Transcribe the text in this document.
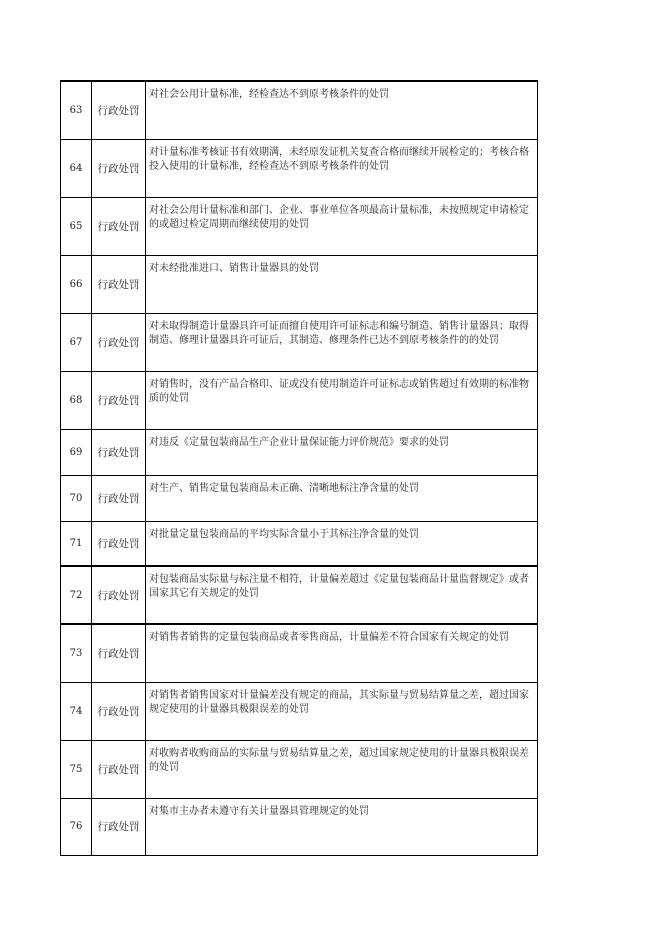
63	行政处罚	对社会公用计量标准，经检查达不到原考核条件的处罚
64	行政处罚	对计量标准考核证书有效期满，未经原发证机关复查合格而继续开展检定的；考核合格投入使用的计量标准，经检查达不到原考核条件的处罚
65	行政处罚	对社会公用计量标准和部门、企业、事业单位各项最高计量标准，未按照规定申请检定的或超过检定周期而继续使用的处罚
66	行政处罚	对未经批准进口、销售计量器具的处罚
67	行政处罚	对未取得制造计量器具许可证而擅自使用许可证标志和编号制造、销售计量器具；取得制造、修理计量器具许可证后，其制造、修理条件已达不到原考核条件的的处罚
68	行政处罚	对销售时，没有产品合格印、证或没有使用制造许可证标志或销售超过有效期的标准物质的处罚
69	行政处罚	对违反《定量包装商品生产企业计量保证能力评价规范》要求的处罚
70	行政处罚	对生产、销售定量包装商品未正确、清晰地标注净含量的处罚
71	行政处罚	对批量定量包装商品的平均实际含量小于其标注净含量的处罚
72	行政处罚	对包装商品实际量与标注量不相符，计量偏差超过《定量包装商品计量监督规定》或者国家其它有关规定的处罚
73	行政处罚	对销售者销售的定量包装商品或者零售商品，计量偏差不符合国家有关规定的处罚
74	行政处罚	对销售者销售国家对计量偏差没有规定的商品，其实际量与贸易结算量之差，超过国家规定使用的计量器具极限误差的处罚
75	行政处罚	对收购者收购商品的实际量与贸易结算量之差，超过国家规定使用的计量器具极限误差的处罚
76	行政处罚	对集市主办者未遵守有关计量器具管理规定的处罚
